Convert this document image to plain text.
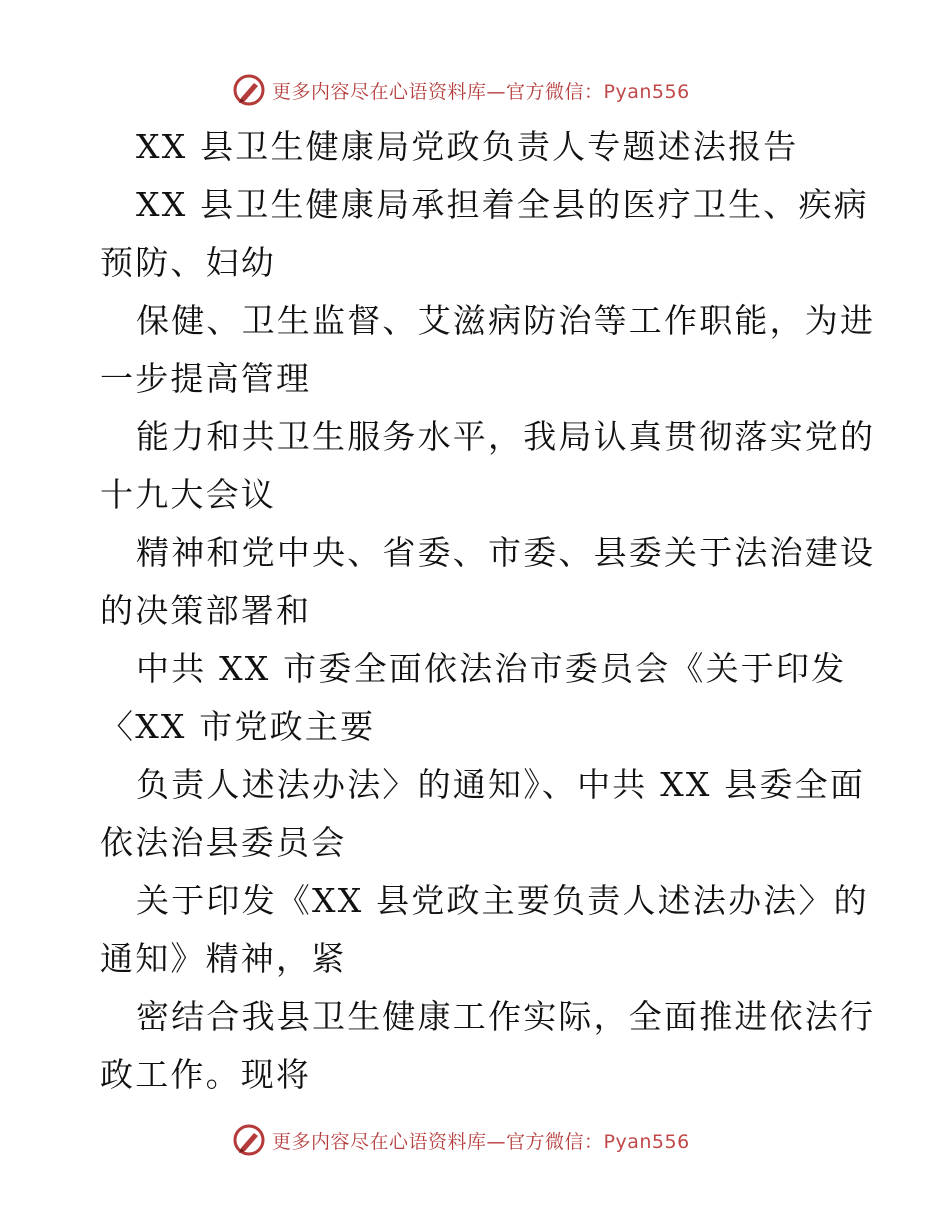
更多内容尽在心语资料库—官方微信：Pyan556
XX 县卫生健康局党政负责人专题述法报告
XX 县卫生健康局承担着全县的医疗卫生、疾病
预防、妇幼
保健、卫生监督、艾滋病防治等工作职能，为进
一步提高管理
能力和共卫生服务水平，我局认真贯彻落实党的
十九大会议
精神和党中央、省委、市委、县委关于法治建设
的决策部署和
中共 XX 市委全面依法治市委员会《关于印发
〈XX 市党政主要
负责人述法办法〉的通知》、中共 XX 县委全面
依法治县委员会
关于印发《XX 县党政主要负责人述法办法〉的
通知》精神，紧
密结合我县卫生健康工作实际，全面推进依法行
政工作。现将
更多内容尽在心语资料库—官方微信：Pyan556
